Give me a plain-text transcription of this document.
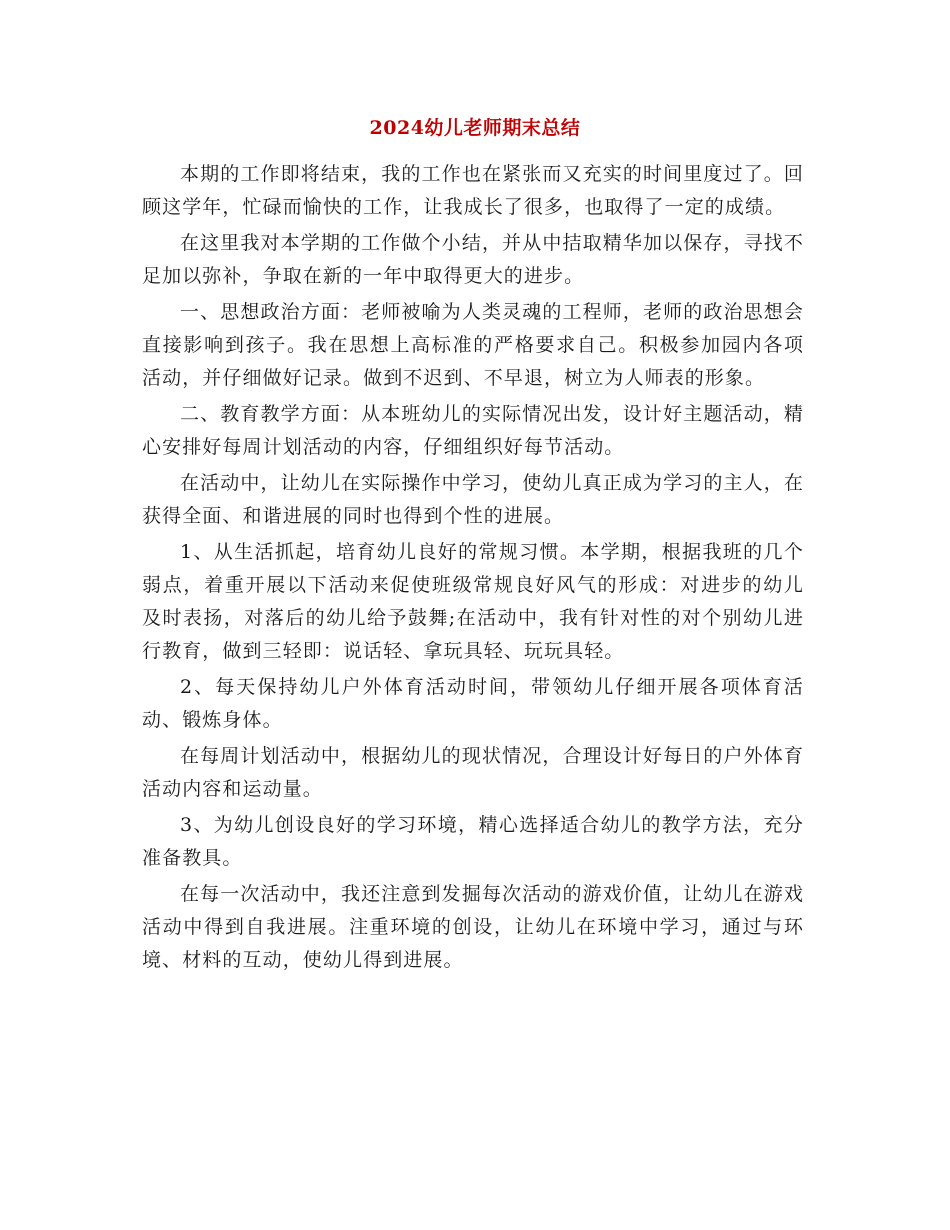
2024幼儿老师期末总结

本期的工作即将结束，我的工作也在紧张而又充实的时间里度过了。回顾这学年，忙碌而愉快的工作，让我成长了很多，也取得了一定的成绩。

在这里我对本学期的工作做个小结，并从中拮取精华加以保存，寻找不足加以弥补，争取在新的一年中取得更大的进步。

一、思想政治方面：老师被喻为人类灵魂的工程师，老师的政治思想会直接影响到孩子。我在思想上高标准的严格要求自己。积极参加园内各项活动，并仔细做好记录。做到不迟到、不早退，树立为人师表的形象。

二、教育教学方面：从本班幼儿的实际情况出发，设计好主题活动，精心安排好每周计划活动的内容，仔细组织好每节活动。

在活动中，让幼儿在实际操作中学习，使幼儿真正成为学习的主人，在获得全面、和谐进展的同时也得到个性的进展。

1、从生活抓起，培育幼儿良好的常规习惯。本学期，根据我班的几个弱点，着重开展以下活动来促使班级常规良好风气的形成：对进步的幼儿及时表扬，对落后的幼儿给予鼓舞;在活动中，我有针对性的对个别幼儿进行教育，做到三轻即：说话轻、拿玩具轻、玩玩具轻。

2、每天保持幼儿户外体育活动时间，带领幼儿仔细开展各项体育活动、锻炼身体。

在每周计划活动中，根据幼儿的现状情况，合理设计好每日的户外体育活动内容和运动量。

3、为幼儿创设良好的学习环境，精心选择适合幼儿的教学方法，充分准备教具。

在每一次活动中，我还注意到发掘每次活动的游戏价值，让幼儿在游戏活动中得到自我进展。注重环境的创设，让幼儿在环境中学习，通过与环境、材料的互动，使幼儿得到进展。
